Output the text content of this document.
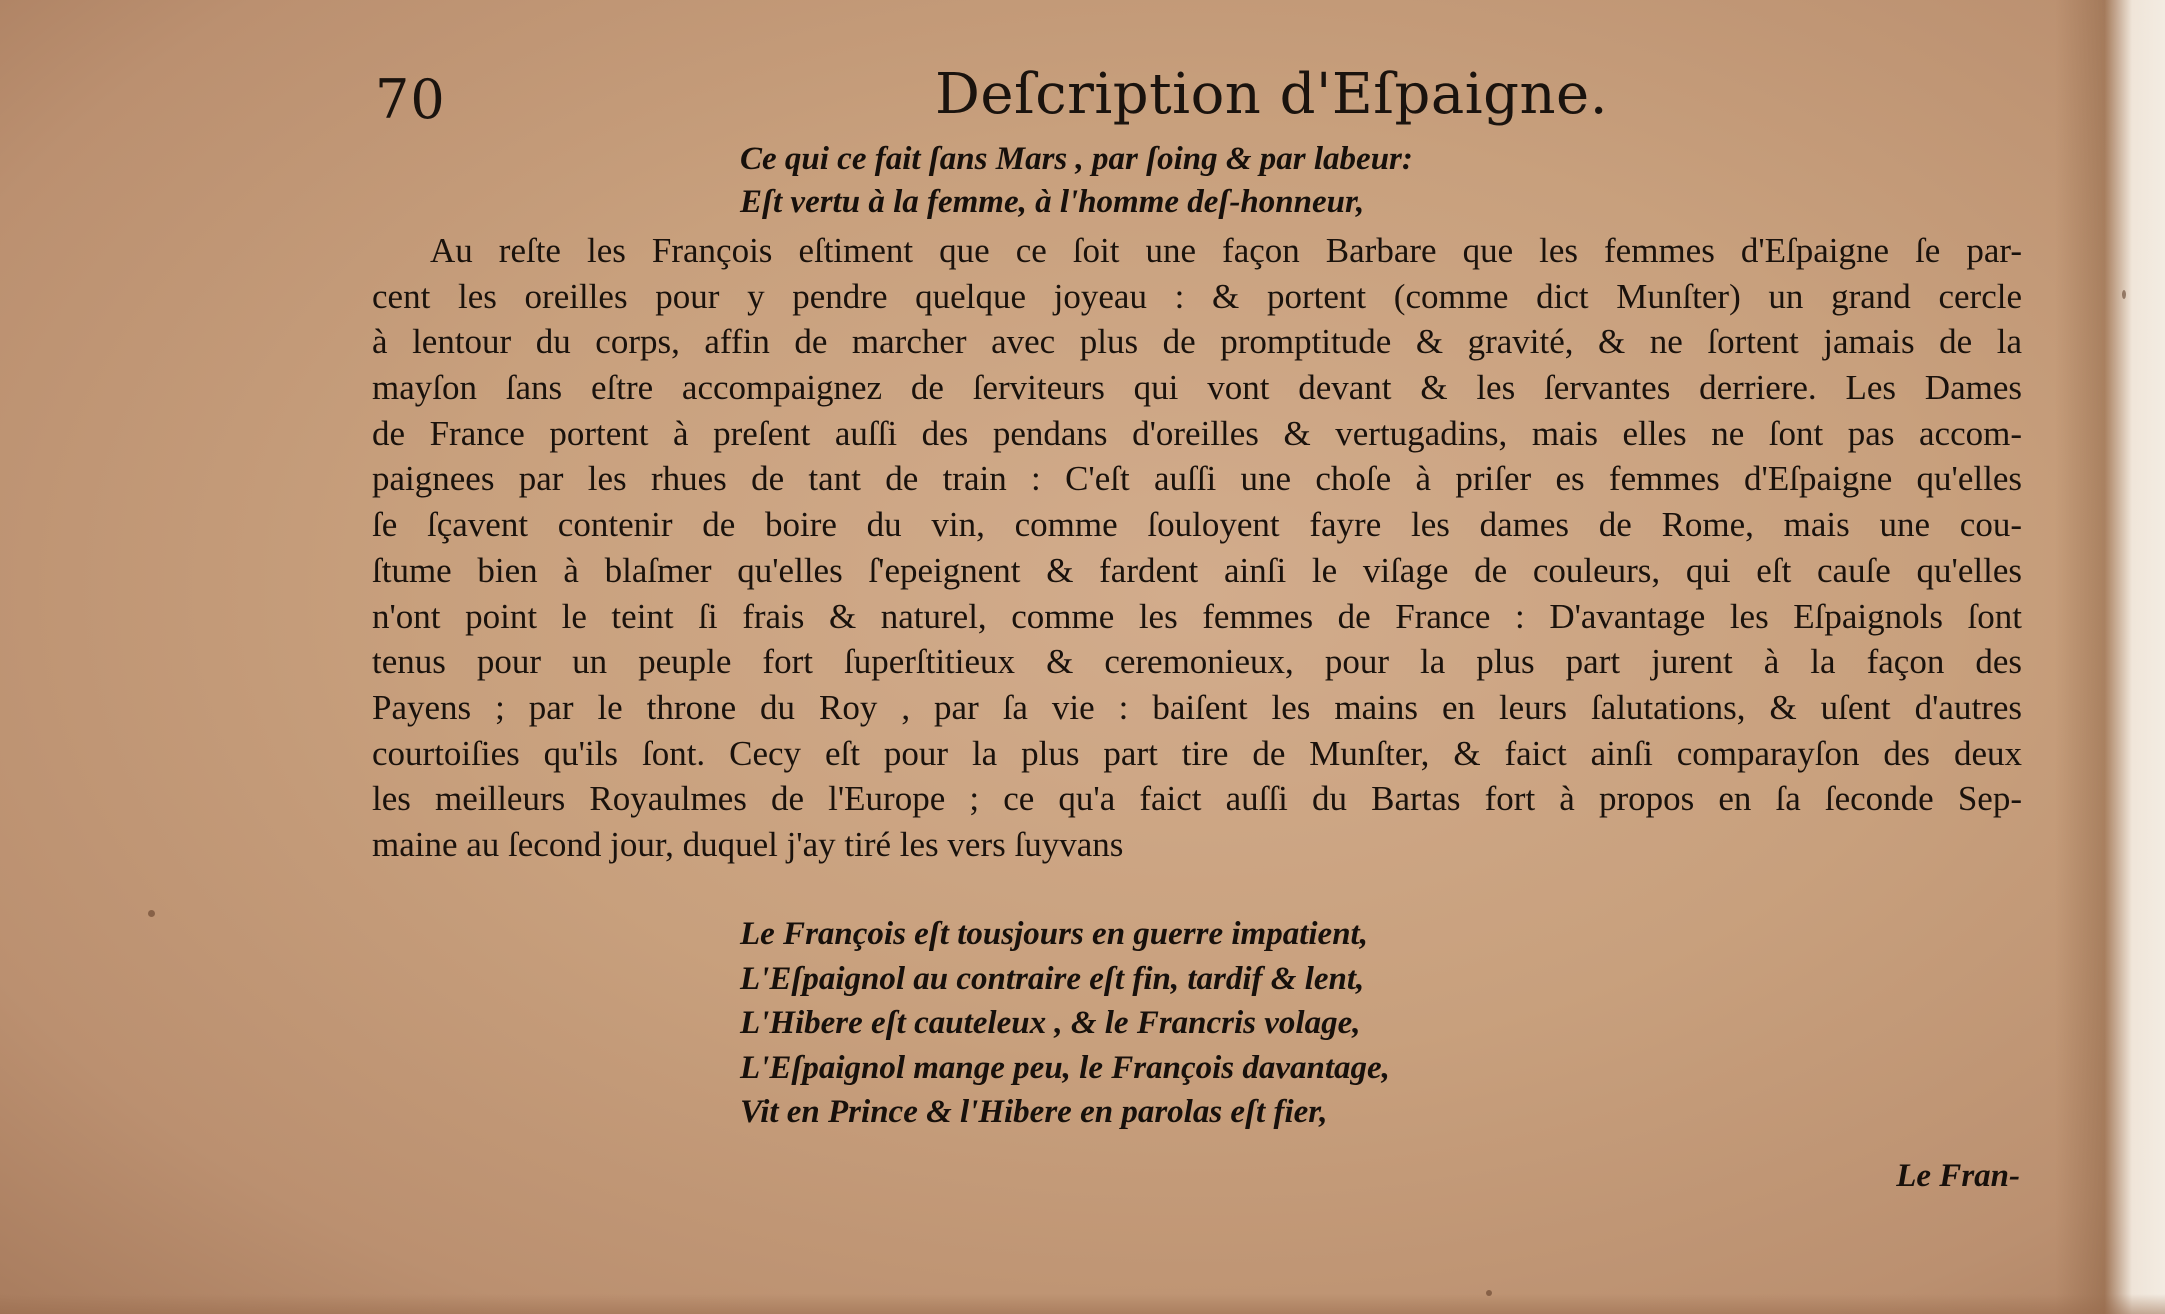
70	Deſcription d'Eſpaigne.
Ce qui ce fait ſans Mars , par ſoing & par labeur:
Eſt vertu à la femme, à l'homme deſ-honneur,
Au reſte les François eſtiment que ce ſoit une façon Barbare que les femmes d'Eſpaigne ſe par-
cent les oreilles pour y pendre quelque joyeau : & portent (comme dict Munſter) un grand cercle
à lentour du corps, affin de marcher avec plus de promptitude & gravité, & ne ſortent jamais de la
mayſon ſans eſtre accompaignez de ſerviteurs qui vont devant & les ſervantes derriere. Les Dames
de France portent à preſent auſſi des pendans d'oreilles & vertugadins, mais elles ne ſont pas accom-
paignees par les rhues de tant de train : C'eſt auſſi une choſe à priſer es femmes d'Eſpaigne qu'elles
ſe ſçavent contenir de boire du vin, comme ſouloyent fayre les dames de Rome, mais une cou-
ſtume bien à blaſmer qu'elles ſ'epeignent & fardent ainſi le viſage de couleurs, qui eſt cauſe qu'elles
n'ont point le teint ſi frais & naturel, comme les femmes de France : D'avantage les Eſpaignols ſont
tenus pour un peuple fort ſuperſtitieux & ceremonieux, pour la plus part jurent à la façon des
Payens ; par le throne du Roy , par ſa vie : baiſent les mains en leurs ſalutations, & uſent d'autres
courtoiſies qu'ils ſont. Cecy eſt pour la plus part tire de Munſter, & faict ainſi comparayſon des deux
les meilleurs Royaulmes de l'Europe ; ce qu'a faict auſſi du Bartas fort à propos en ſa ſeconde Sep-
maine au ſecond jour, duquel j'ay tiré les vers ſuyvans
Le François eſt tousjours en guerre impatient,
L'Eſpaignol au contraire eſt fin, tardif & lent,
L'Hibere eſt cauteleux , & le Francris volage,
L'Eſpaignol mange peu, le François davantage,
Vit en Prince & l'Hibere en parolas eſt fier,
Le Fran-
